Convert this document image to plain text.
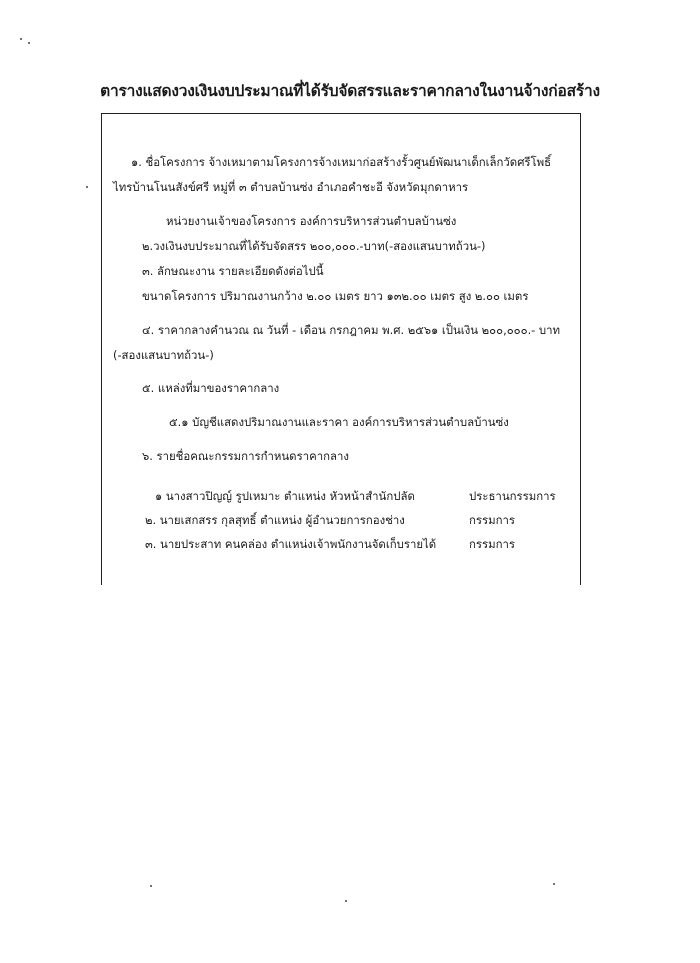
ตารางแสดงวงเงินงบประมาณที่ได้รับจัดสรรและราคากลางในงานจ้างก่อสร้าง
๑. ชื่อโครงการ จ้างเหมาตามโครงการจ้างเหมาก่อสร้างรั้วศูนย์พัฒนาเด็กเล็กวัดศรีโพธิ์
ไทรบ้านโนนสังข์ศรี หมู่ที่ ๓ ตำบลบ้านซ่ง อำเภอคำชะอี จังหวัดมุกดาหาร
หน่วยงานเจ้าของโครงการ องค์การบริหารส่วนตำบลบ้านซ่ง
๒.วงเงินงบประมาณที่ได้รับจัดสรร ๒๐๐,๐๐๐.-บาท(-สองแสนบาทถ้วน-)
๓. ลักษณะงาน รายละเอียดดังต่อไปนี้
ขนาดโครงการ ปริมาณงานกว้าง ๒.๐๐ เมตร ยาว ๑๓๒.๐๐ เมตร สูง ๒.๐๐ เมตร
๔. ราคากลางคำนวณ ณ วันที่ - เดือน กรกฎาคม พ.ศ. ๒๕๖๑ เป็นเงิน ๒๐๐,๐๐๐.- บาท
(-สองแสนบาทถ้วน-)
๕. แหล่งที่มาของราคากลาง
๕.๑ บัญชีแสดงปริมาณงานและราคา องค์การบริหารส่วนตำบลบ้านซ่ง
๖. รายชื่อคณะกรรมการกำหนดราคากลาง
๑ นางสาวปิญญ์ รูปเหมาะ ตำแหน่ง หัวหน้าสำนักปลัด	ประธานกรรมการ
๒. นายเสกสรร กุลสุทธิ์ ตำแหน่ง ผู้อำนวยการกองช่าง	กรรมการ
๓. นายประสาท คนคล่อง ตำแหน่งเจ้าพนักงานจัดเก็บรายได้	กรรมการ
